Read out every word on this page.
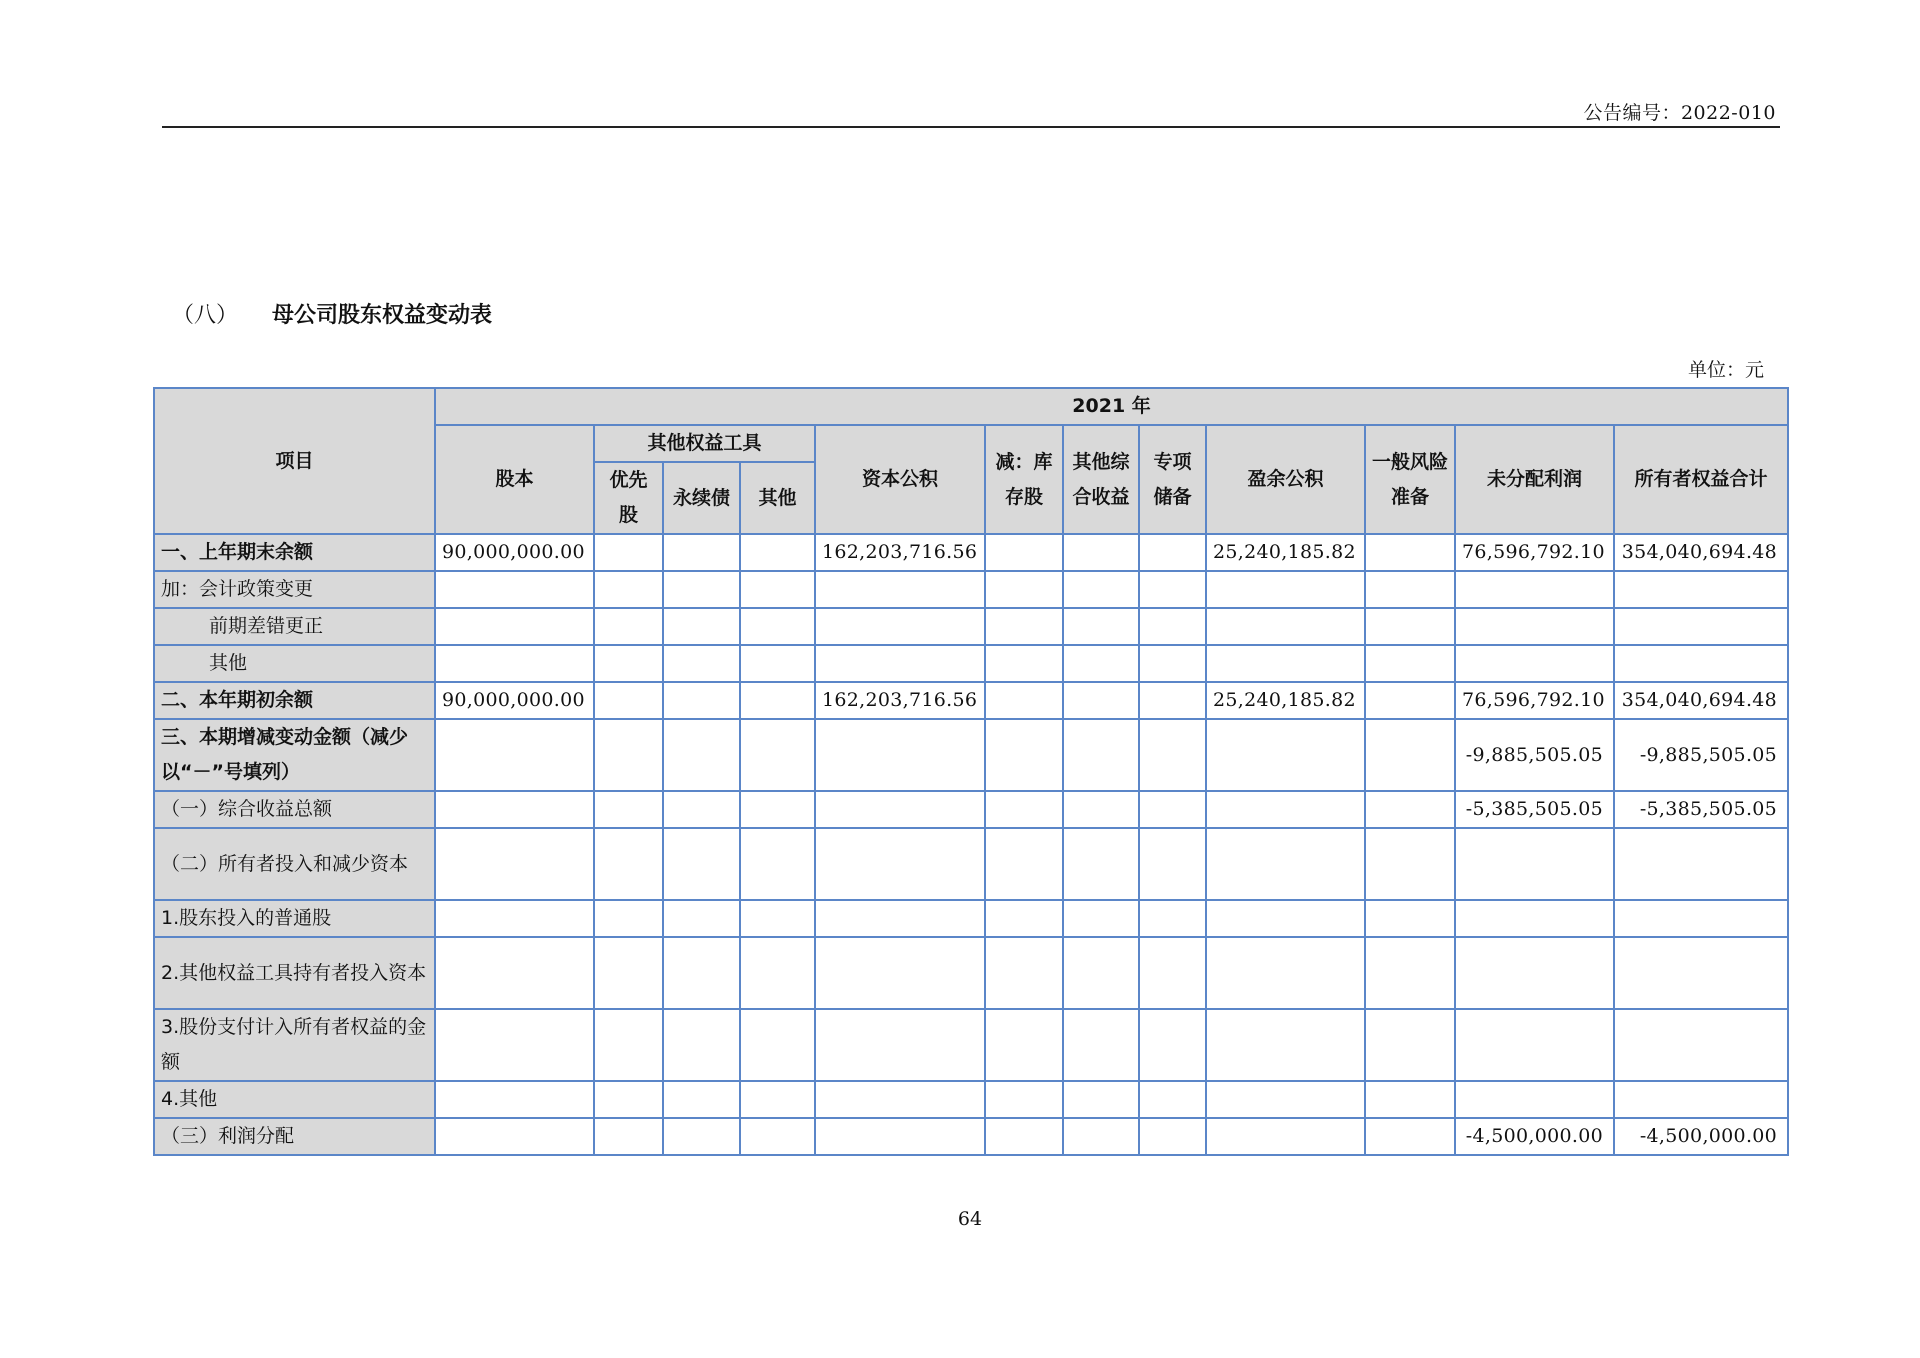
公告编号：2022-010
（八） 母公司股东权益变动表
单位：元
项目	2021 年											
	股本	其他权益工具			资本公积	减：库存股	其他综合收益	专项储备	盈余公积	一般风险准备	未分配利润	所有者权益合计
		优先股	永续债	其他								
一、上年期末余额	90,000,000.00				162,203,716.56				25,240,185.82		76,596,792.10	354,040,694.48
加：会计政策变更												
前期差错更正												
其他												
二、本年期初余额	90,000,000.00				162,203,716.56				25,240,185.82		76,596,792.10	354,040,694.48
三、本期增减变动金额（减少以“－”号填列）											-9,885,505.05	-9,885,505.05
（一）综合收益总额											-5,385,505.05	-5,385,505.05
（二）所有者投入和减少资本												
1.股东投入的普通股												
2.其他权益工具持有者投入资本												
3.股份支付计入所有者权益的金额												
4.其他												
（三）利润分配											-4,500,000.00	-4,500,000.00
64
